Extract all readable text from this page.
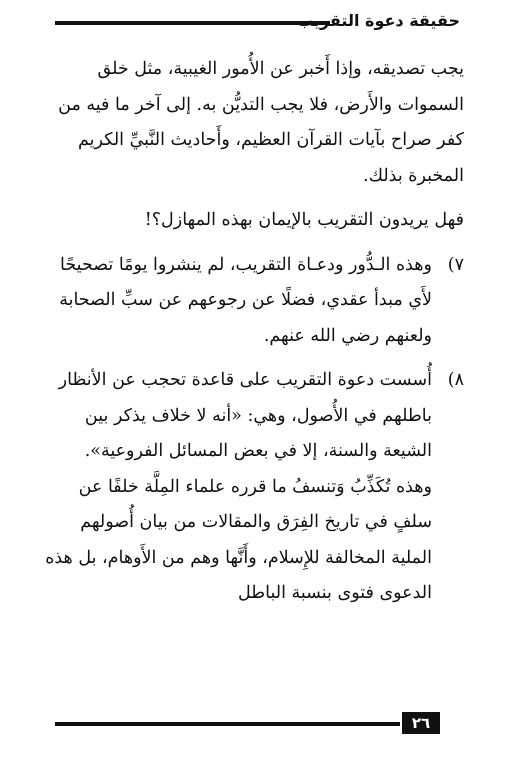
حقيقة دعوة التقريب

يجب تصديقه، وإذا أَخبر عن الأُمور الغيبية، مثل خلق السموات والأَرض، فلا يجب التديُّن به. إلى آخر ما فيه من كفر صراح بآيات القرآن العظيم، وأَحاديث النَّبيِّ الكريم المخبرة بذلك.

فهل يريدون التقريب بالإيمان بهذه المهازل؟!

٧)
وهذه الـدُّور ودعـاة التقريب، لم ينشروا يومًا تصحيحًا لأَي مبدأ عقدي، فضلًا عن رجوعهم عن سبِّ الصحابة ولعنهم رضي الله عنهم.
٨)
أُسست دعوة التقريب على قاعدة تحجب عن الأنظار باطلهم في الأُصول، وهي: «أنه لا خلاف يذكر بين الشيعة والسنة، إلا في بعض المسائل الفروعية». وهذه تُكَذِّبُ وَتنسفُ ما قرره علماء المِلَّة خلفًا عن سلفٍ في تاريخ الفِرَق والمقالات من بيان أُصولهم الملية المخالفة للإِسلام، وأَنَّها وهم من الأَوهام، بل هذه الدعوى فتوى بنسبة الباطل
٢٦
